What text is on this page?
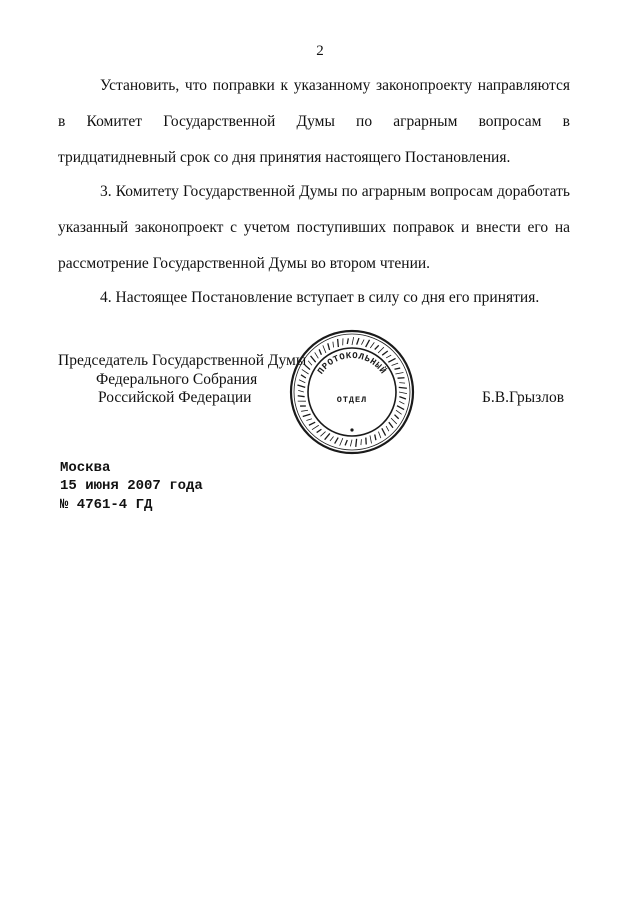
2

Установить, что поправки к указанному законопроекту направляются в Комитет Государственной Думы по аграрным вопросам в тридцатидневный срок со дня принятия настоящего Постановления.

3. Комитету Государственной Думы по аграрным вопросам доработать указанный законопроект с учетом поступивших поправок и внести его на рассмотрение Государственной Думы во втором чтении.

4. Настоящее Постановление вступает в силу со дня его принятия.

Председатель Государственной Думы
Федерального Собрания
Российской Федерации	Б.В.Грызлов
ПРОТОКОЛЬНЫЙ
ОТДЕЛ
Москва
15 июня 2007 года
№ 4761-4 ГД
